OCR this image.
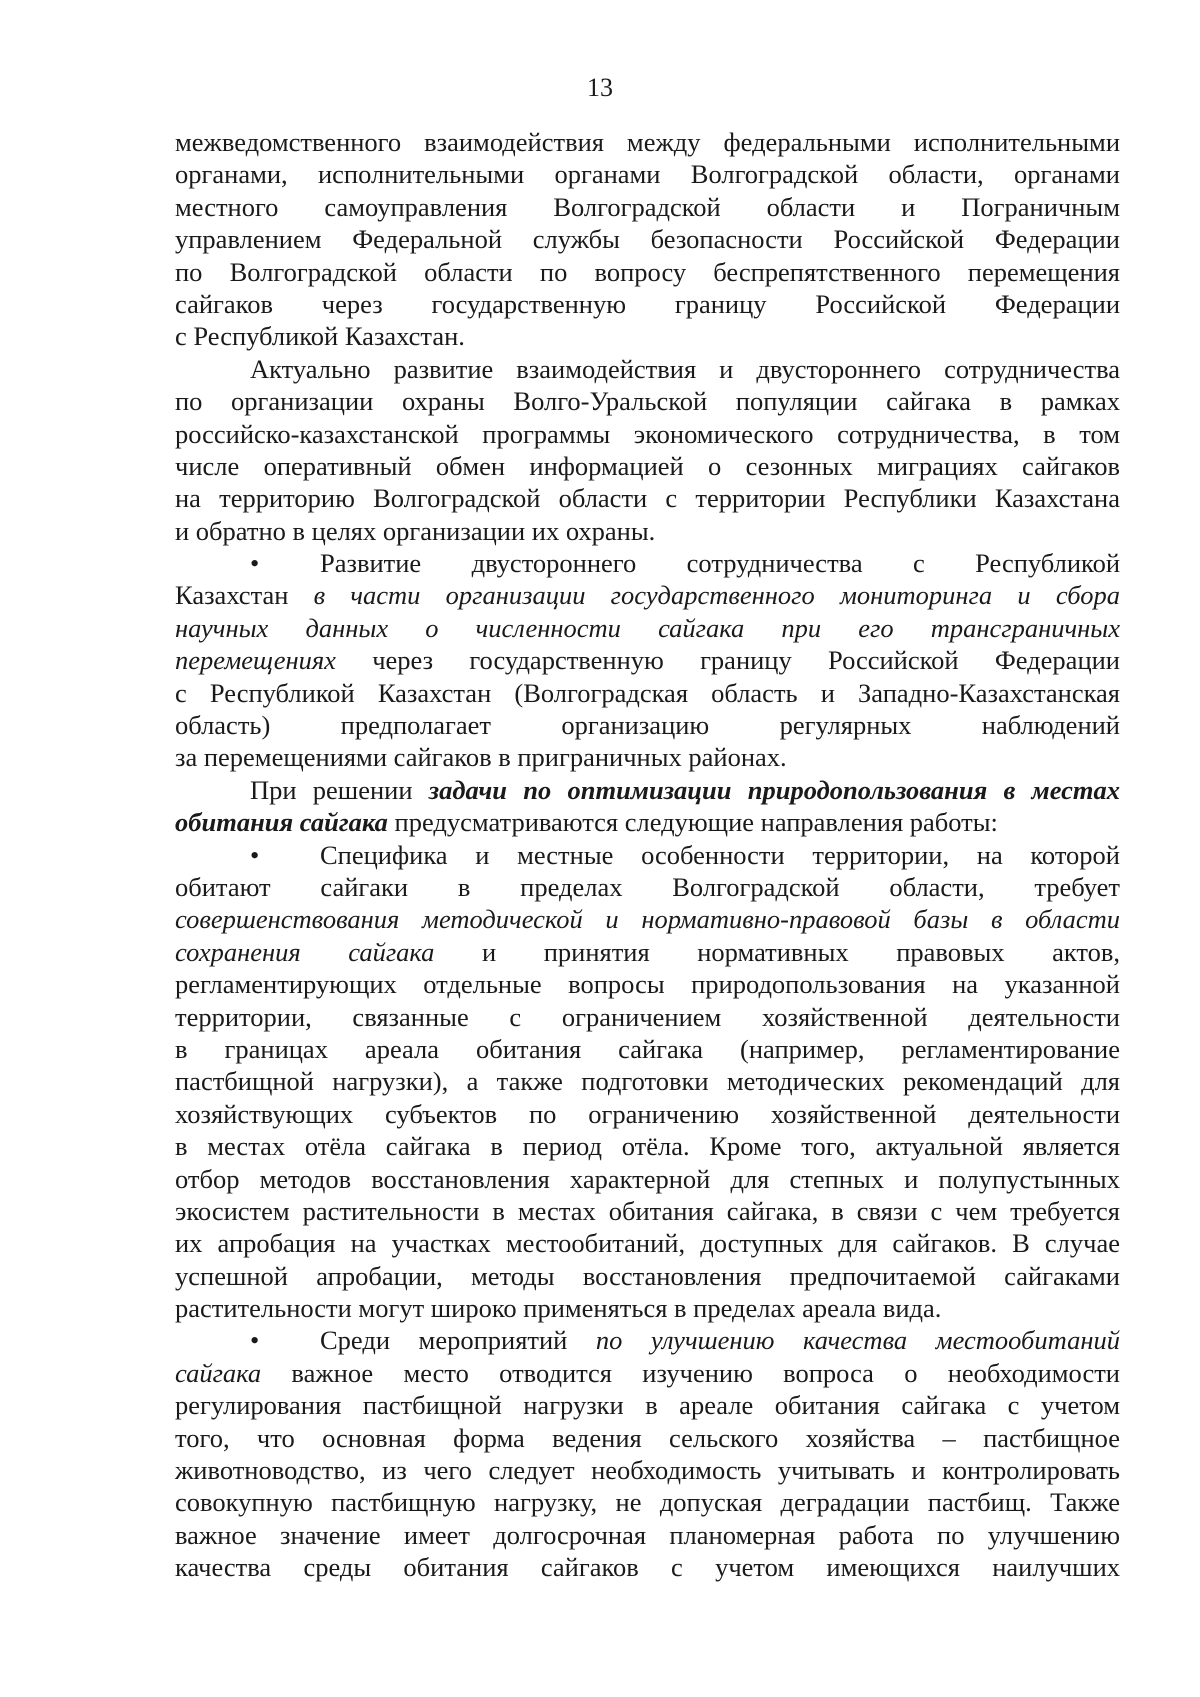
13
межведомственного взаимодействия между федеральными исполнительными
органами, исполнительными органами Волгоградской области, органами
местного самоуправления Волгоградской области и Пограничным
управлением Федеральной службы безопасности Российской Федерации
по Волгоградской области по вопросу беспрепятственного перемещения
сайгаков через государственную границу Российской Федерации
с Республикой Казахстан.
Актуально развитие взаимодействия и двустороннего сотрудничества
по организации охраны Волго-Уральской популяции сайгака в рамках
российско-казахстанской программы экономического сотрудничества, в том
числе оперативный обмен информацией о сезонных миграциях сайгаков
на территорию Волгоградской области с территории Республики Казахстана
и обратно в целях организации их охраны.
• Развитие двустороннего сотрудничества с Республикой
Казахстан в части организации государственного мониторинга и сбора
научных данных о численности сайгака при его трансграничных
перемещениях через государственную границу Российской Федерации
с Республикой Казахстан (Волгоградская область и Западно-Казахстанская
область) предполагает организацию регулярных наблюдений
за перемещениями сайгаков в приграничных районах.
При решении задачи по оптимизации природопользования в местах
обитания сайгака предусматриваются следующие направления работы:
• Специфика и местные особенности территории, на которой
обитают сайгаки в пределах Волгоградской области, требует
совершенствования методической и нормативно-правовой базы в области
сохранения сайгака и принятия нормативных правовых актов,
регламентирующих отдельные вопросы природопользования на указанной
территории, связанные с ограничением хозяйственной деятельности
в границах ареала обитания сайгака (например, регламентирование
пастбищной нагрузки), а также подготовки методических рекомендаций для
хозяйствующих субъектов по ограничению хозяйственной деятельности
в местах отёла сайгака в период отёла. Кроме того, актуальной является
отбор методов восстановления характерной для степных и полупустынных
экосистем растительности в местах обитания сайгака, в связи с чем требуется
их апробация на участках местообитаний, доступных для сайгаков. В случае
успешной апробации, методы восстановления предпочитаемой сайгаками
растительности могут широко применяться в пределах ареала вида.
• Среди мероприятий по улучшению качества местообитаний
сайгака важное место отводится изучению вопроса о необходимости
регулирования пастбищной нагрузки в ареале обитания сайгака с учетом
того, что основная форма ведения сельского хозяйства – пастбищное
животноводство, из чего следует необходимость учитывать и контролировать
совокупную пастбищную нагрузку, не допуская деградации пастбищ. Также
важное значение имеет долгосрочная планомерная работа по улучшению
качества среды обитания сайгаков с учетом имеющихся наилучших
